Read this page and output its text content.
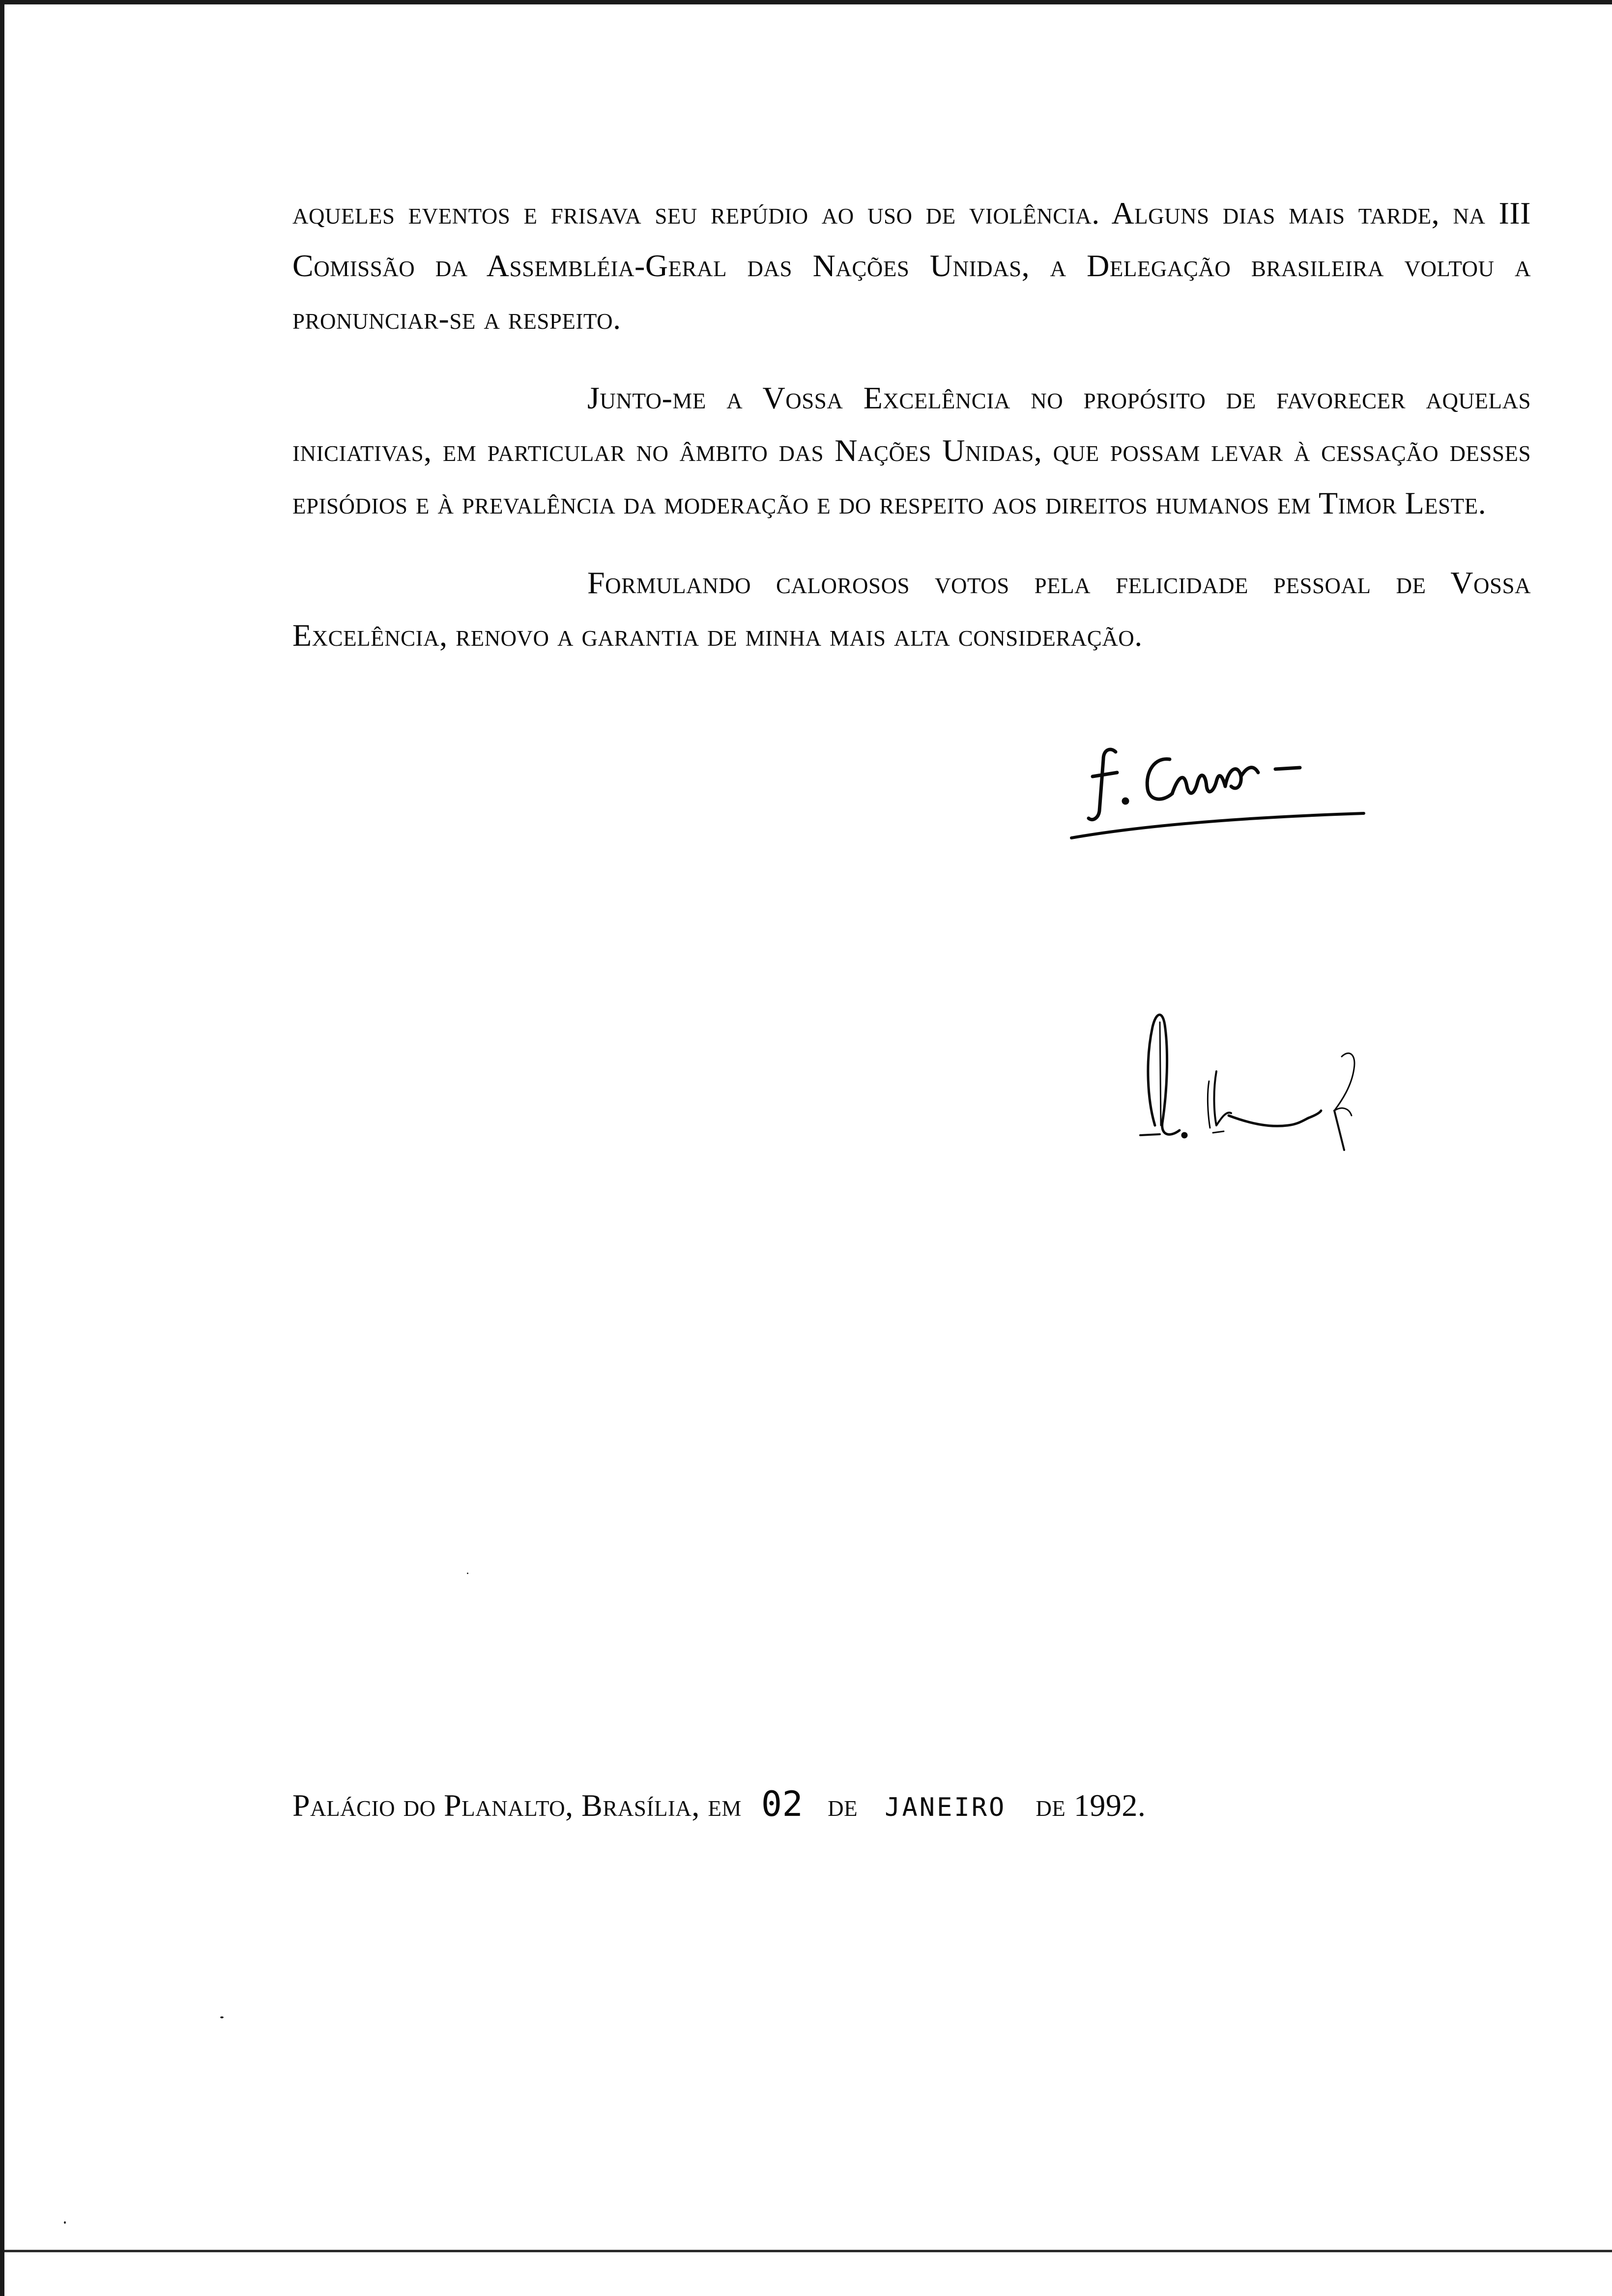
aqueles eventos e frisava seu repúdio ao uso de violência. Alguns dias mais tarde, na III Comissão da Assembléia-Geral das Nações Unidas, a Delegação brasileira voltou a pronunciar-se a respeito.

Junto-me a Vossa Excelência no propósito de favorecer aquelas iniciativas, em particular no âmbito das Nações Unidas, que possam levar à cessação desses episódios e à prevalência da moderação e do respeito aos direitos humanos em Timor Leste.

Formulando calorosos votos pela felicidade pessoal de Vossa Excelência, renovo a garantia de minha mais alta consideração.

Palácio do Planalto, Brasília, em 02 de JANEIRO de 1992.
